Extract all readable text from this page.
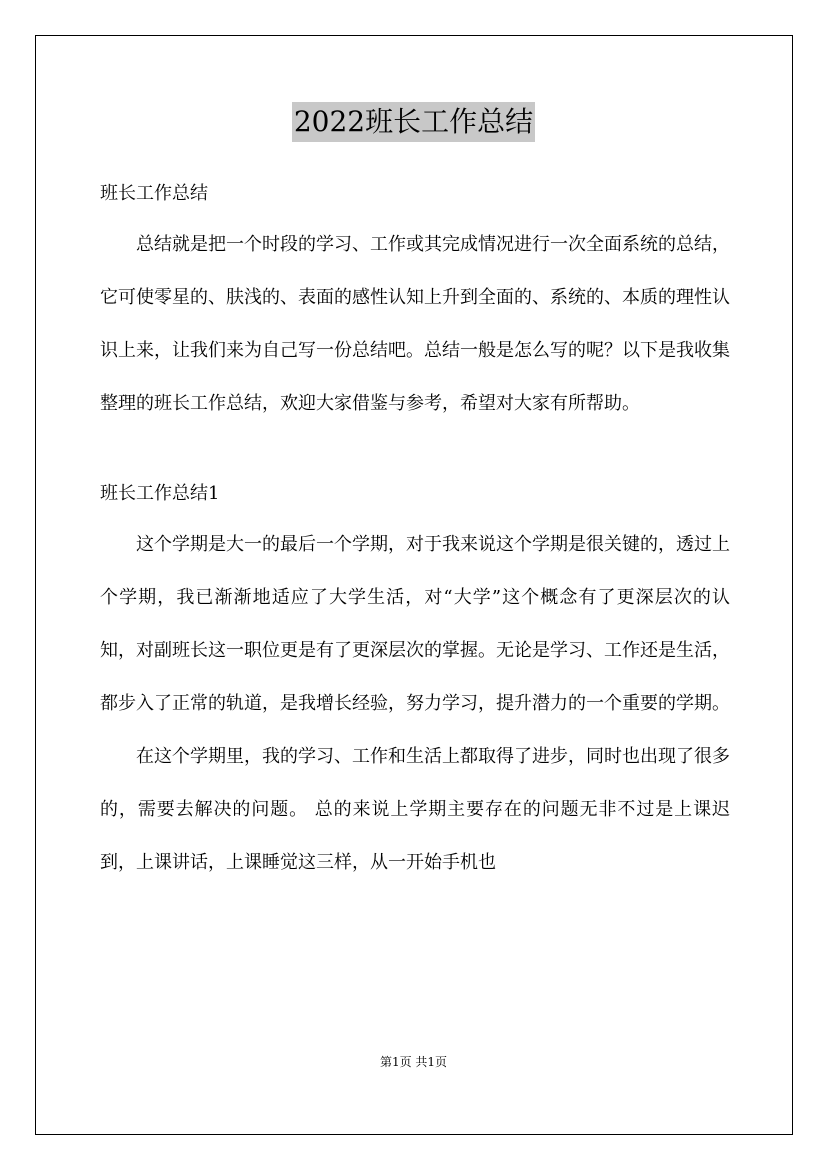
2022班长工作总结

班长工作总结

总结就是把一个时段的学习、工作或其完成情况进行一次全面系统的总结，它可使零星的、肤浅的、表面的感性认知上升到全面的、系统的、本质的理性认识上来，让我们来为自己写一份总结吧。总结一般是怎么写的呢？以下是我收集整理的班长工作总结，欢迎大家借鉴与参考，希望对大家有所帮助。

班长工作总结1

这个学期是大一的最后一个学期，对于我来说这个学期是很关键的，透过上个学期，我已渐渐地适应了大学生活，对“大学”这个概念有了更深层次的认知，对副班长这一职位更是有了更深层次的掌握。无论是学习、工作还是生活，都步入了正常的轨道，是我增长经验，努力学习，提升潜力的一个重要的学期。

在这个学期里，我的学习、工作和生活上都取得了进步，同时也出现了很多的，需要去解决的问题。 总的来说上学期主要存在的问题无非不过是上课迟到，上课讲话，上课睡觉这三样，从一开始手机也

第1页 共1页
